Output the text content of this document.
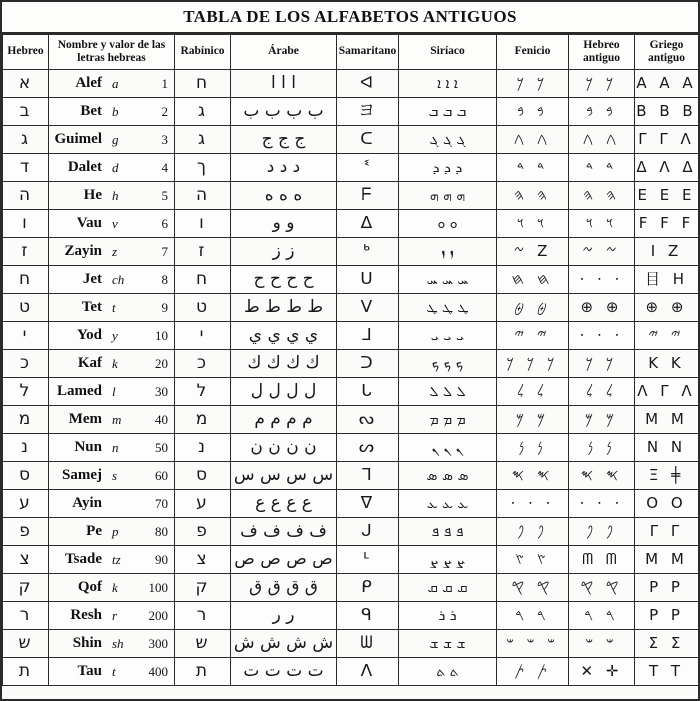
TABLA DE LOS ALFABETOS ANTIGUOS
Hebreo	Nombre y valor de las letras hebreas	Rabínico	Árabe	Samaritano	Siríaco	Fenicio	Hebreo antiguo	Griego antiguo
א	Alef a 1	ח	ا ا ا	ᐊ	ܐ ܐ ܐ	𐤊 𐤊	𐤊 𐤊	A A A
ב	Bet b 2	ג	ب ب ب ب	ヨ	ܒ ܒ ܒ	𐤁 𐤁	𐤁 𐤁	B B B
ג	Guimel g 3	ג	ج ج ج	ᑕ	ܓ ܓ ܓ	𐤂 𐤂	𐤂 𐤂	Γ Γ Λ
ד	Dalet d 4	ך	د د د	ᓫ	ܕ ܕ ܕ	𐤃 𐤃	𐤃 𐤃	Δ Λ Δ
ה	He h 5	ה	ه ه ه	ᖴ	ܗ ܗ ܗ	𐤄 𐤄	𐤄 𐤄	E E E
ו	Vau v 6	ו	و و	ᐃ	ܘ ܘ	𐤅 𐤅	𐤅 𐤅	F F F
ז	Zayin z 7	ז	ز ز	ᒃ	ܙ ܙ	𐤆 Ζ	𐤆 𐤆	I Z
ח	Jet ch 8	ח	ح ح ح ح	ᑌ	ܚ ܚ ܚ	𐤇 𐤇	⋅ ⋅ ⋅	目 H
ט	Tet t 9	ט	ط ط ط ط	ᐯ	ܛ ܛ ܛ	𐤈 𐤈	⊕ ⊕	⊕ ⊕
י	Yod y 10	י	ي ي ي ي	ᒧ	ܝ ܝ ܝ	𐤉 𐤉	⋅ ⋅ ⋅	𐤉 𐤉
כ	Kaf k 20	כ	ك ك ك ك	ᑐ	ܟ ܟ ܟ	𐤊 𐤊 𐤊	𐤊 𐤊	Κ Κ
ל	Lamed l 30	ל	ل ل ل ل	ᒐ	ܠ ܠ ܠ	𐤋 𐤋	𐤋 𐤋	Λ Γ Λ
מ	Mem m 40	מ	م م م م	ᔓ	ܡ ܡ ܡ	𐤌 𐤌	𐤌 𐤌	Μ Μ
נ	Nun n 50	נ	ن ن ن ن	ᔕ	ܢ ܢ ܢ	𐤍 𐤍	𐤍 𐤍	Ν Ν
ס	Samej s 60	ס	س س س س	ᒣ	ܣ ܣ ܣ	𐤎 𐤎	𐤎 𐤎	Ξ ╪
ע	Ayin 70	ע	ع ع ع ع	ᐁ	ܥ ܥ ܥ	⋅ ⋅ ⋅	⋅ ⋅ ⋅	Ο Ο
פ	Pe p 80	פ	ف ف ف ف	ᒍ	ܦ ܦ ܦ	𐤐 𐤐	𐤐 𐤐	Γ Γ
צ	Tsade tz 90	צ	ص ص ص ص	ᒻ	ܨ ܨ ܨ	𐤑 𐤑	ᗰ ᗰ	Μ Μ
ק	Qof k 100	ק	ق ق ق ق	ᑭ	ܩ ܩ ܩ	𐤒 𐤒	𐤒 𐤒	Ρ Ρ
ר	Resh r 200	ר	ر ر	ᑫ	ܪ ܪ	𐤓 𐤓	𐤓 𐤓	Ρ Ρ
ש	Shin sh 300	ש	ش ش ش ش	ᗯ	ܫ ܫ ܫ	𐤔 𐤔 𐤔	𐤔 𐤔	Σ Σ
ת	Tau t 400	ת	ت ت ت ت	ᐱ	ܬ ܬ	𐤕 𐤕	✕ ✛	Τ Τ
